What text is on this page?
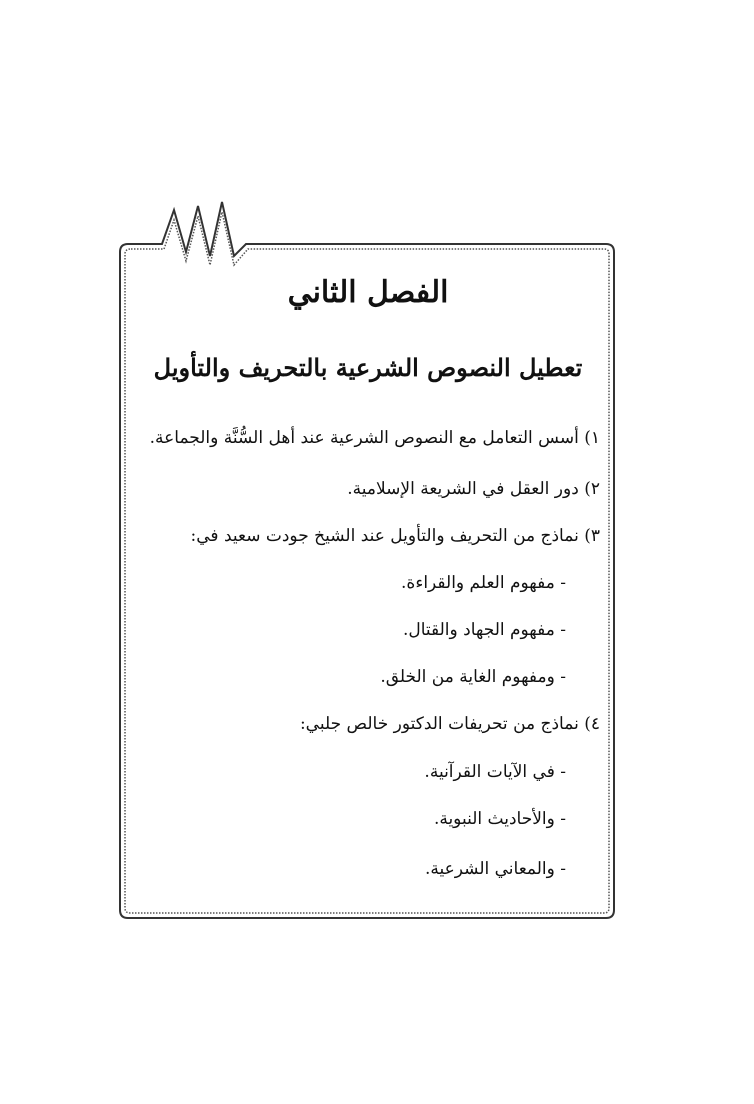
الفصل الثاني
تعطيل النصوص الشرعية بالتحريف والتأويل
١) أسس التعامل مع النصوص الشرعية عند أهل السُّنَّة والجماعة.
٢) دور العقل في الشريعة الإسلامية.
٣) نماذج من التحريف والتأويل عند الشيخ جودت سعيد في:
- مفهوم العلم والقراءة.
- مفهوم الجهاد والقتال.
- ومفهوم الغاية من الخلق.
٤) نماذج من تحريفات الدكتور خالص جلبي:
- في الآيات القرآنية.
- والأحاديث النبوية.
- والمعاني الشرعية.
